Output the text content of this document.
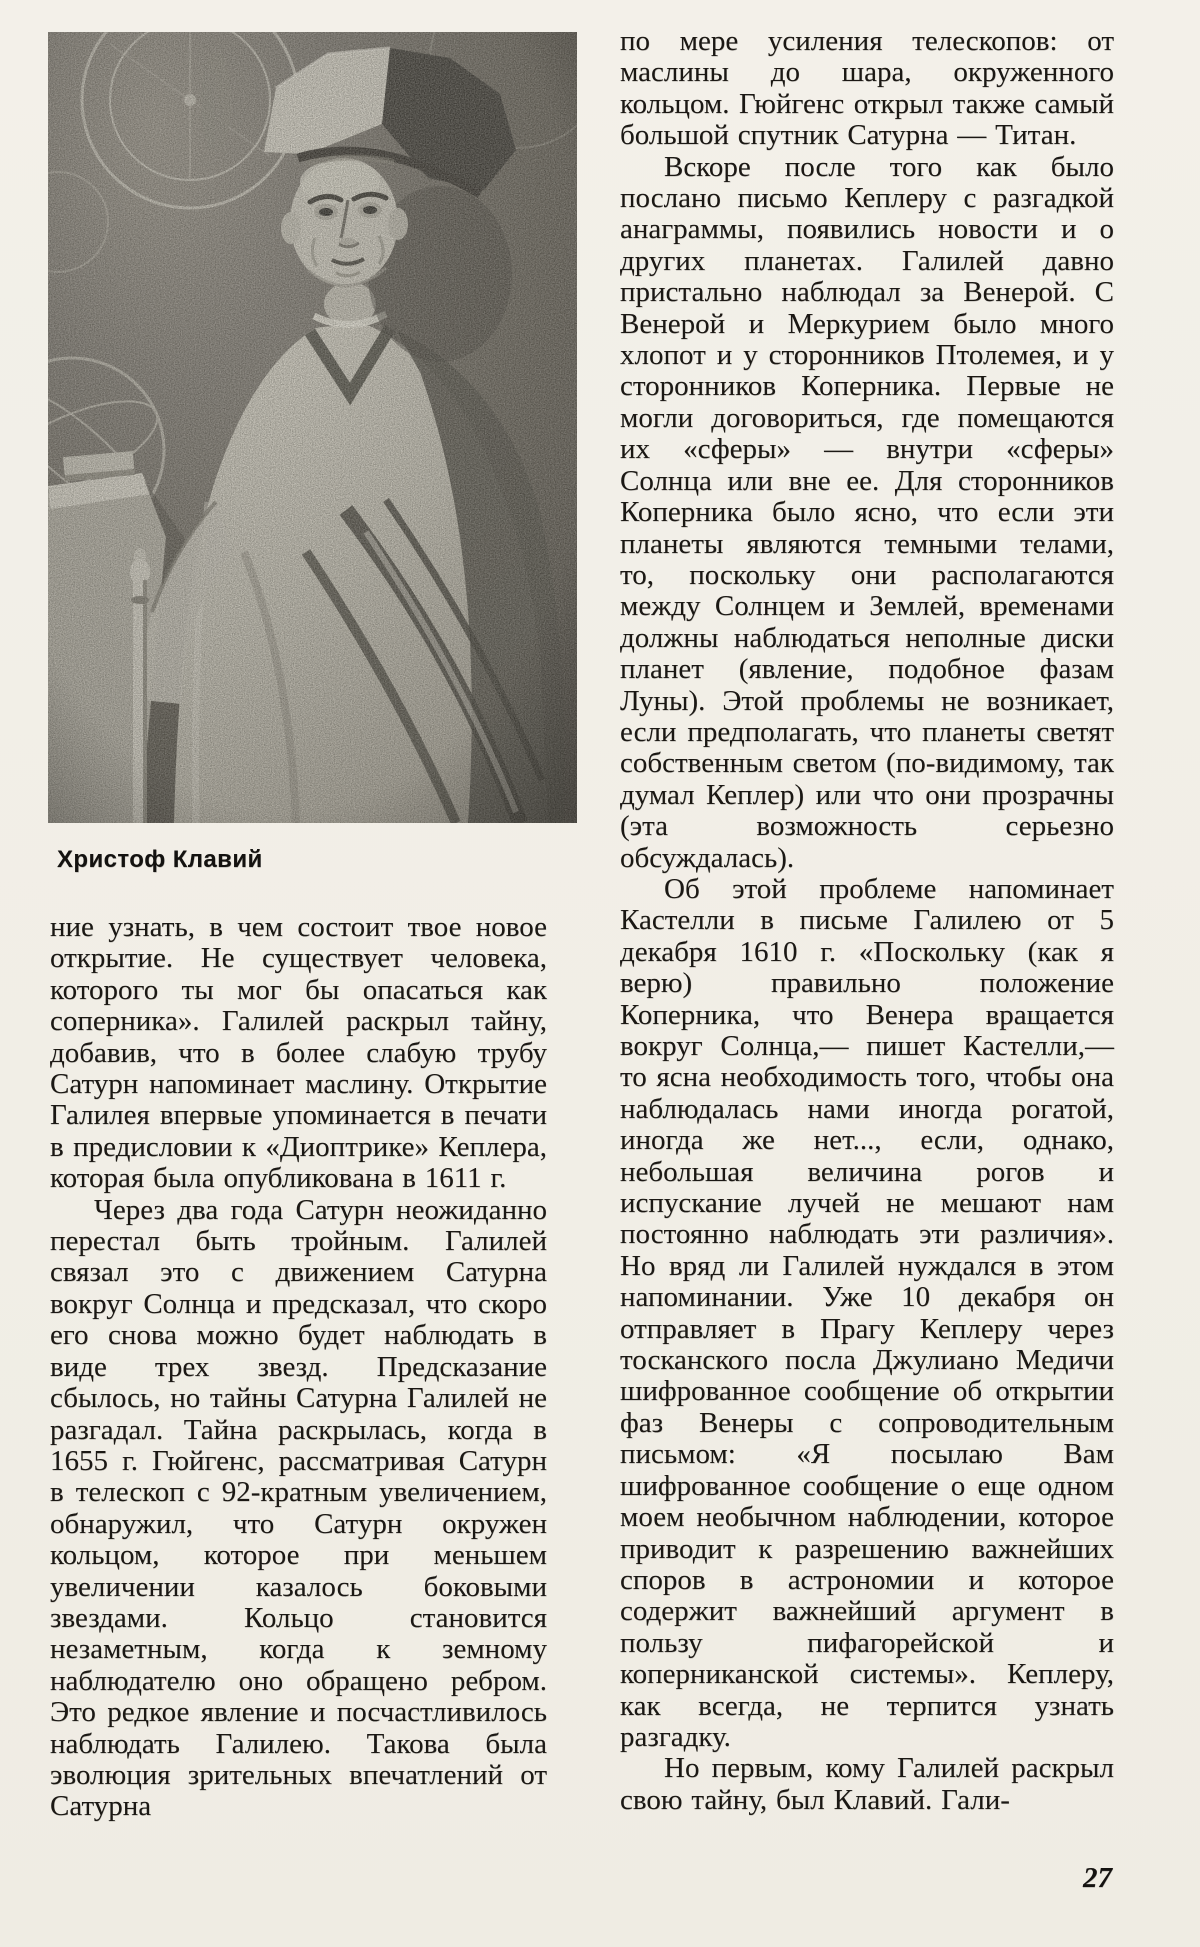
Христоф Клавий

ние узнать, в чем состоит твое новое открытие. Не существует человека, которого ты мог бы опасаться как соперника». Галилей раскрыл тайну, добавив, что в более слабую трубу Сатурн напоминает маслину. Открытие Галилея впервые упоминается в печати в предисловии к «Диоптрике» Кеплера, которая была опубликована в 1611 г.

Через два года Сатурн неожиданно перестал быть тройным. Галилей связал это с движением Сатурна вокруг Солнца и предсказал, что скоро его снова можно будет наблюдать в виде трех звезд. Предсказание сбылось, но тайны Сатурна Галилей не разгадал. Тайна раскрылась, когда в 1655 г. Гюйгенс, рассматривая Сатурн в телескоп с 92-кратным увеличением, обнаружил, что Сатурн окружен кольцом, которое при меньшем увеличении казалось боковыми звездами. Кольцо становится незаметным, когда к земному наблюдателю оно обращено ребром. Это редкое явление и посчастливилось наблюдать Галилею. Такова была эволюция зрительных впечатлений от Сатурна

по мере усиления телескопов: от маслины до шара, окруженного кольцом. Гюйгенс открыл также самый большой спутник Сатурна — Титан.

Вскоре после того как было послано письмо Кеплеру с разгадкой анаграммы, появились новости и о других планетах. Галилей давно пристально наблюдал за Венерой. С Венерой и Меркурием было много хлопот и у сторонников Птолемея, и у сторонников Коперника. Первые не могли договориться, где помещаются их «сферы» — внутри «сферы» Солнца или вне ее. Для сторонников Коперника было ясно, что если эти планеты являются темными телами, то, поскольку они располагаются между Солнцем и Землей, временами должны наблюдаться неполные диски планет (явление, подобное фазам Луны). Этой проблемы не возникает, если предполагать, что планеты светят собственным светом (по-видимому, так думал Кеплер) или что они прозрачны (эта возможность серьезно обсуждалась).

Об этой проблеме напоминает Кастелли в письме Галилею от 5 декабря 1610 г. «Поскольку (как я верю) правильно положение Коперника, что Венера вращается вокруг Солнца,— пишет Кастелли,— то ясна необходимость того, чтобы она наблюдалась нами иногда рогатой, иногда же нет..., если, однако, небольшая величина рогов и испускание лучей не мешают нам постоянно наблюдать эти различия». Но вряд ли Галилей нуждался в этом напоминании. Уже 10 декабря он отправляет в Прагу Кеплеру через тосканского посла Джулиано Медичи шифрованное сообщение об открытии фаз Венеры с сопроводительным письмом: «Я посылаю Вам шифрованное сообщение о еще одном моем необычном наблюдении, которое приводит к разрешению важнейших споров в астрономии и которое содержит важнейший аргумент в пользу пифагорейской и коперниканской системы». Кеплеру, как всегда, не терпится узнать разгадку.

Но первым, кому Галилей раскрыл свою тайну, был Клавий. Гали-

27
